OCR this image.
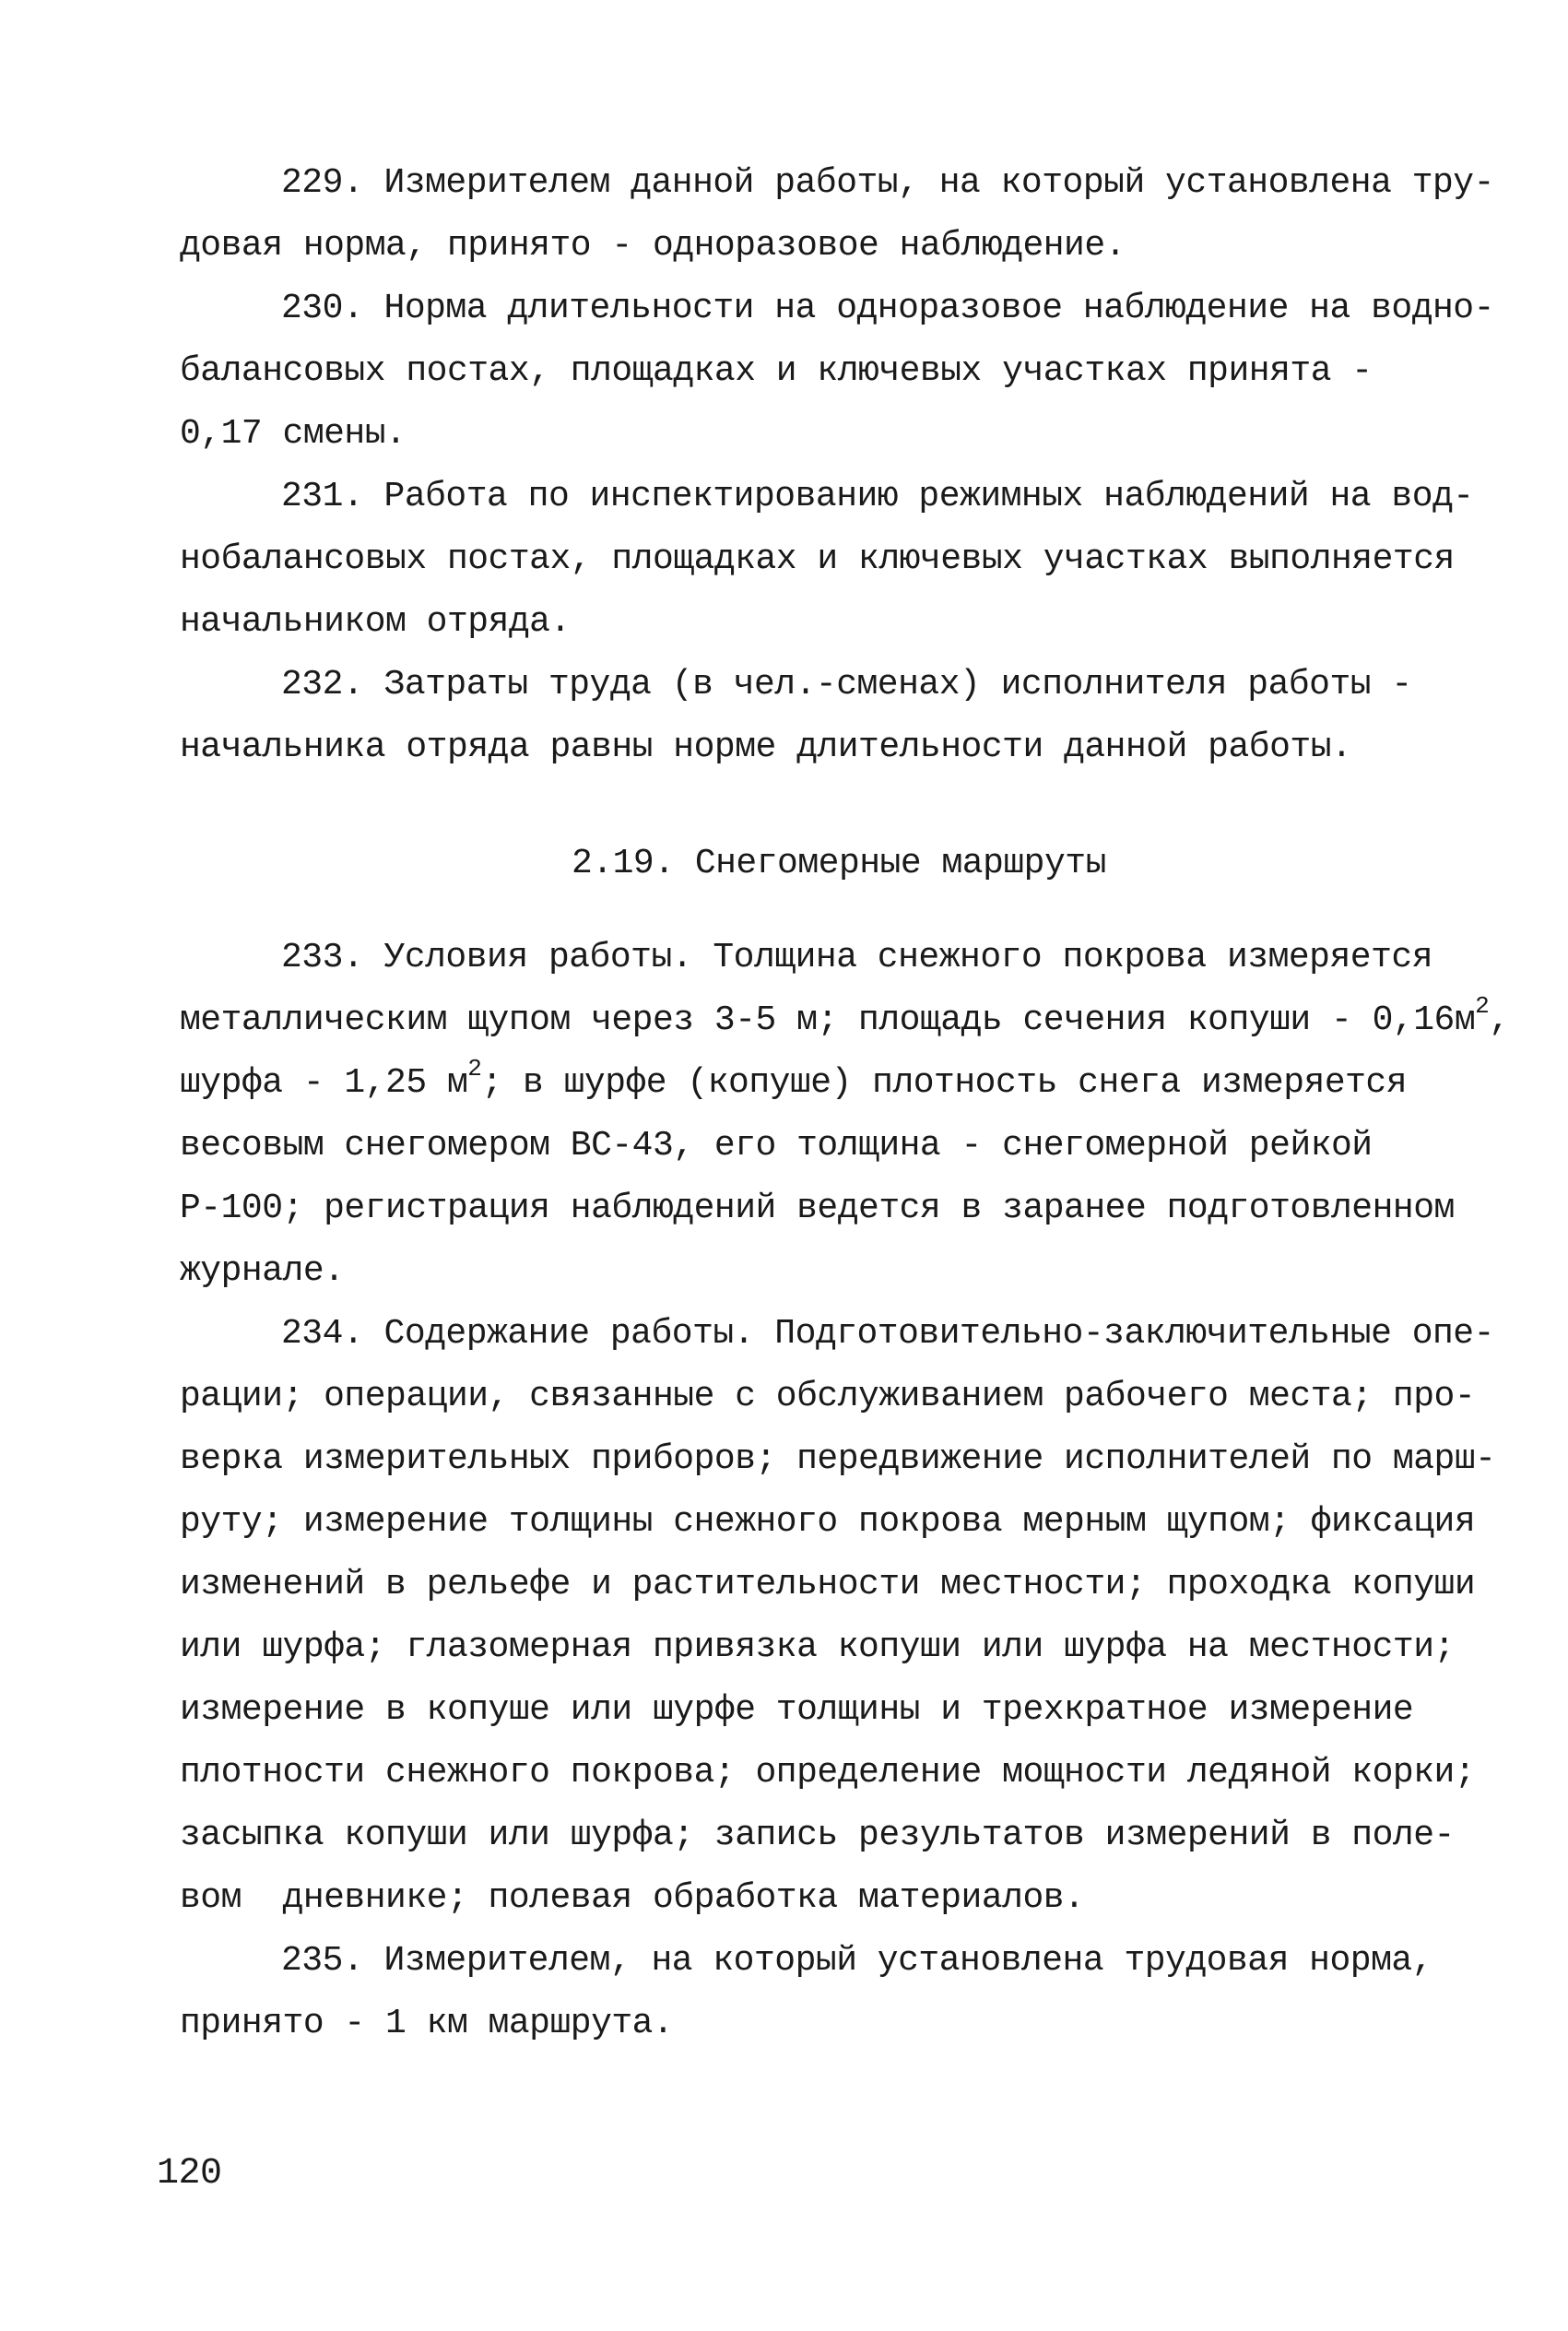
229. Измерителем данной работы, на который установлена тру-
довая норма, принято - одноразовое наблюдение.
230. Норма длительности на одноразовое наблюдение на водно-
балансовых постах, площадках и ключевых участках принята -
0,17 смены.
231. Работа по инспектированию режимных наблюдений на вод-
нобалансовых постах, площадках и ключевых участках выполняется
начальником отряда.
232. Затраты труда (в чел.-сменах) исполнителя работы -
начальника отряда равны норме длительности данной работы.
2.19. Снегомерные маршруты
233. Условия работы. Толщина снежного покрова измеряется
металлическим щупом через 3-5 м; площадь сечения копуши - $0,16м^2$,
шурфа - 1,25 $м^2$; в шурфе (копуше) плотность снега измеряется
весовым снегомером ВС-43, его толщина - снегомерной рейкой
Р-100; регистрация наблюдений ведется в заранее подготовленном
журнале.
234. Содержание работы. Подготовительно-заключительные опе-
рации; операции, связанные с обслуживанием рабочего места; про-
верка измерительных приборов; передвижение исполнителей по марш-
руту; измерение толщины снежного покрова мерным щупом; фиксация
изменений в рельефе и растительности местности; проходка копуши
или шурфа; глазомерная привязка копуши или шурфа на местности;
измерение в копуше или шурфе толщины и трехкратное измерение
плотности снежного покрова; определение мощности ледяной корки;
засыпка копуши или шурфа; запись результатов измерений в поле-
вом  дневнике; полевая обработка материалов.
235. Измерителем, на который установлена трудовая норма,
принято - 1 км маршрута.
120
